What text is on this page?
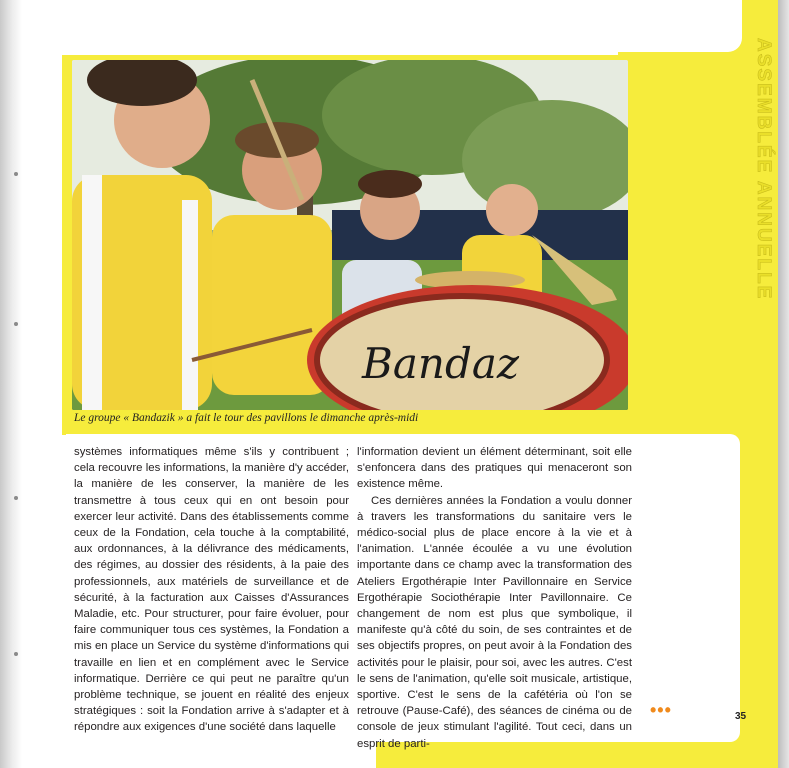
ASSEMBLÉE ANNUELLE
Bandaz
Le groupe « Bandazik » a fait le tour des pavillons le dimanche après-midi

systèmes informatiques même s'ils y contribuent ; cela recouvre les informations, la manière d'y accéder, la manière de les conserver, la manière de les transmettre à tous ceux qui en ont besoin pour exercer leur activité. Dans des établissements comme ceux de la Fondation, cela touche à la comptabilité, aux ordonnances, à la délivrance des médicaments, des régimes, au dossier des résidents, à la paie des professionnels, aux matériels de surveillance et de sécurité, à la facturation aux Caisses d'Assurances Maladie, etc. Pour structurer, pour faire évoluer, pour faire communiquer tous ces systèmes, la Fondation a mis en place un Service du système d'informations qui travaille en lien et en complément avec le Service informatique. Derrière ce qui peut ne paraître qu'un problème technique, se jouent en réalité des enjeux stratégiques : soit la Fondation arrive à s'adapter et à répondre aux exigences d'une société dans laquelle

l'information devient un élément déterminant, soit elle s'enfoncera dans des pratiques qui menaceront son existence même.

Ces dernières années la Fondation a voulu donner à travers les transformations du sanitaire vers le médico-social plus de place encore à la vie et à l'animation. L'année écoulée a vu une évolution importante dans ce champ avec la transformation des Ateliers Ergothérapie Inter Pavillonnaire en Service Ergothérapie Sociothérapie Inter Pavillonnaire. Ce changement de nom est plus que symbolique, il manifeste qu'à côté du soin, de ses contraintes et de ses objectifs propres, on peut avoir à la Fondation des activités pour le plaisir, pour soi, avec les autres. C'est le sens de l'animation, qu'elle soit musicale, artistique, sportive. C'est le sens de la cafétéria où l'on se retrouve (Pause-Café), des séances de cinéma ou de console de jeux stimulant l'agilité. Tout ceci, dans un esprit de parti-

•••	35
